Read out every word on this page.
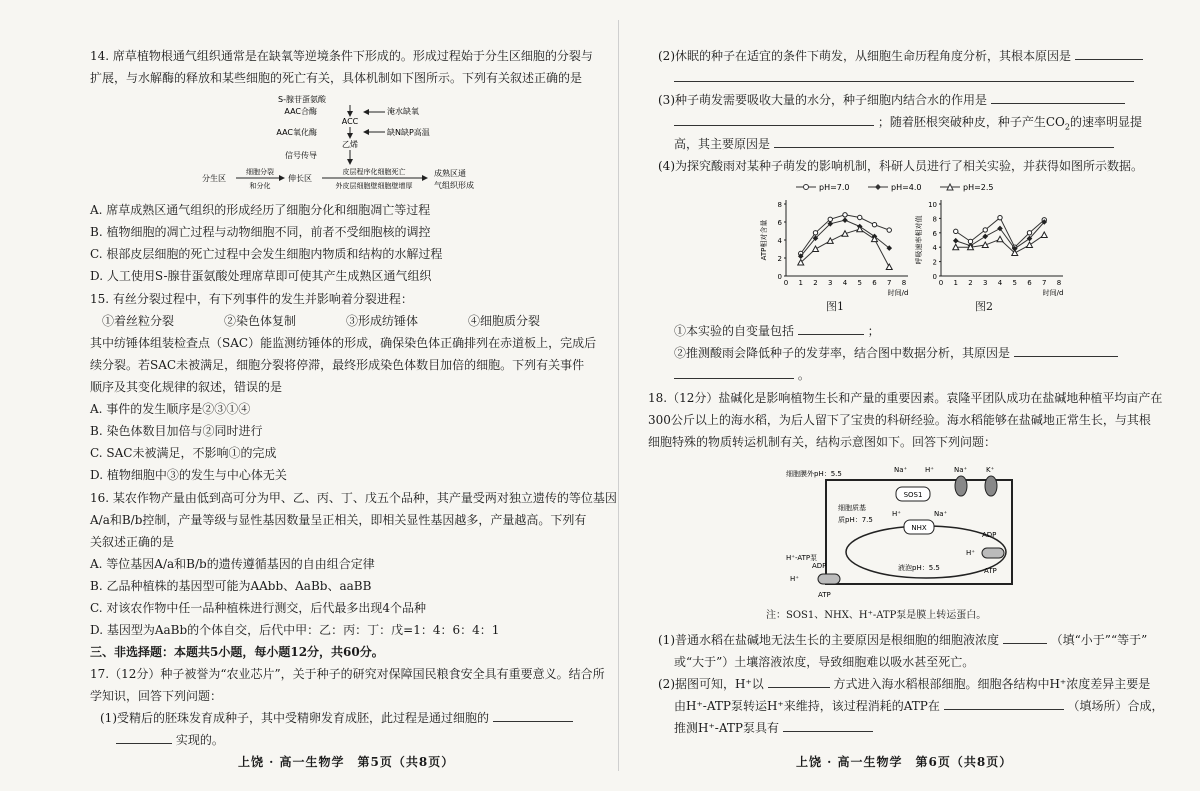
14. 席草植物根通气组织通常是在缺氧等逆境条件下形成的。形成过程始于分生区细胞的分裂与
扩展，与水解酶的释放和某些细胞的死亡有关，具体机制如下图所示。下列有关叙述正确的是
S-腺苷蛋氨酸
AAC合酶
ACC
淹水缺氧
AAC氧化酶	缺N缺P高温
乙烯
信号传导
分生区
细胞分裂
和分化
伸长区
皮层程序化细胞死亡
外皮层细胞壁细胞壁增厚
成熟区通
气组织形成
A. 席草成熟区通气组织的形成经历了细胞分化和细胞凋亡等过程
B. 植物细胞的凋亡过程与动物细胞不同，前者不受细胞核的调控
C. 根部皮层细胞的死亡过程中会发生细胞内物质和结构的水解过程
D. 人工使用S-腺苷蛋氨酸处理席草即可使其产生成熟区通气组织
15. 有丝分裂过程中，有下列事件的发生并影响着分裂进程：
①着丝粒分裂	②染色体复制	③形成纺锤体	④细胞质分裂
其中纺锤体组装检查点（SAC）能监测纺锤体的形成，确保染色体正确排列在赤道板上，完成后
续分裂。若SAC未被满足，细胞分裂将停滞，最终形成染色体数目加倍的细胞。下列有关事件
顺序及其变化规律的叙述，错误的是
A. 事件的发生顺序是②③①④
B. 染色体数目加倍与②同时进行
C. SAC未被满足，不影响①的完成
D. 植物细胞中③的发生与中心体无关
16. 某农作物产量由低到高可分为甲、乙、丙、丁、戊五个品种，其产量受两对独立遗传的等位基因
A/a和B/b控制，产量等级与显性基因数量呈正相关，即相关显性基因越多，产量越高。下列有
关叙述正确的是
A. 等位基因A/a和B/b的遗传遵循基因的自由组合定律
B. 乙品种植株的基因型可能为AAbb、AaBb、aaBB
C. 对该农作物中任一品种植株进行测交，后代最多出现4个品种
D. 基因型为AaBb的个体自交，后代中甲：乙：丙：丁：戊=1：4：6：4：1
三、非选择题：本题共5小题，每小题12分，共60分。
17.（12分）种子被誉为“农业芯片”，关于种子的研究对保障国民粮食安全具有重要意义。结合所
学知识，回答下列问题：
(1)受精后的胚珠发育成种子，其中受精卵发育成胚，此过程是通过细胞的
实现的。
上饶 · 高一生物学　第5页（共8页）
(2)休眠的种子在适宜的条件下萌发，从细胞生命历程角度分析，其根本原因是
(3)种子萌发需要吸收大量的水分，种子细胞内结合水的作用是
；随着胚根突破种皮，种子产生$CO_2$的速率明显提
高，其主要原因是
(4)为探究酸雨对某种子萌发的影响机制，科研人员进行了相关实验，并获得如图所示数据。
pH=7.0	pH=4.0	pH=2.5
0
2
4
6
8
0 1 2 3 4 5 6 7 8
时间/d
ATP相对含量
0
2
4
6
8
10
0 1 2 3 4 5 6 7 8
时间/d
呼吸速率相对值
图1	图2
①本实验的自变量包括	；
②推测酸雨会降低种子的发芽率，结合图中数据分析，其原因是
。
18.（12分）盐碱化是影响植物生长和产量的重要因素。袁隆平团队成功在盐碱地种植平均亩产在
300公斤以上的海水稻，为后人留下了宝贵的科研经验。海水稻能够在盐碱地正常生长，与其根
细胞特殊的物质转运机制有关，结构示意图如下。回答下列问题：
Na⁺	H⁺	Na⁺	K⁺
细胞膜外pH：5.5
SOS1
细胞质基
质pH：7.5
NHX
H⁺	Na⁺
ADP
H⁺
ATP
液泡pH：5.5
H⁺-ATP泵
ADP
H⁺
ATP
注：SOS1、NHX、H⁺-ATP泵是膜上转运蛋白。
(1)普通水稻在盐碱地无法生长的主要原因是根细胞的细胞液浓度	（填“小于”“等于”
或“大于”）土壤溶液浓度，导致细胞难以吸水甚至死亡。
(2)据图可知，H⁺以	方式进入海水稻根部细胞。细胞各结构中H⁺浓度差异主要是
由H⁺-ATP泵转运H⁺来维持，该过程消耗的ATP在	（填场所）合成，
推测H⁺-ATP泵具有
上饶 · 高一生物学　第6页（共8页）
